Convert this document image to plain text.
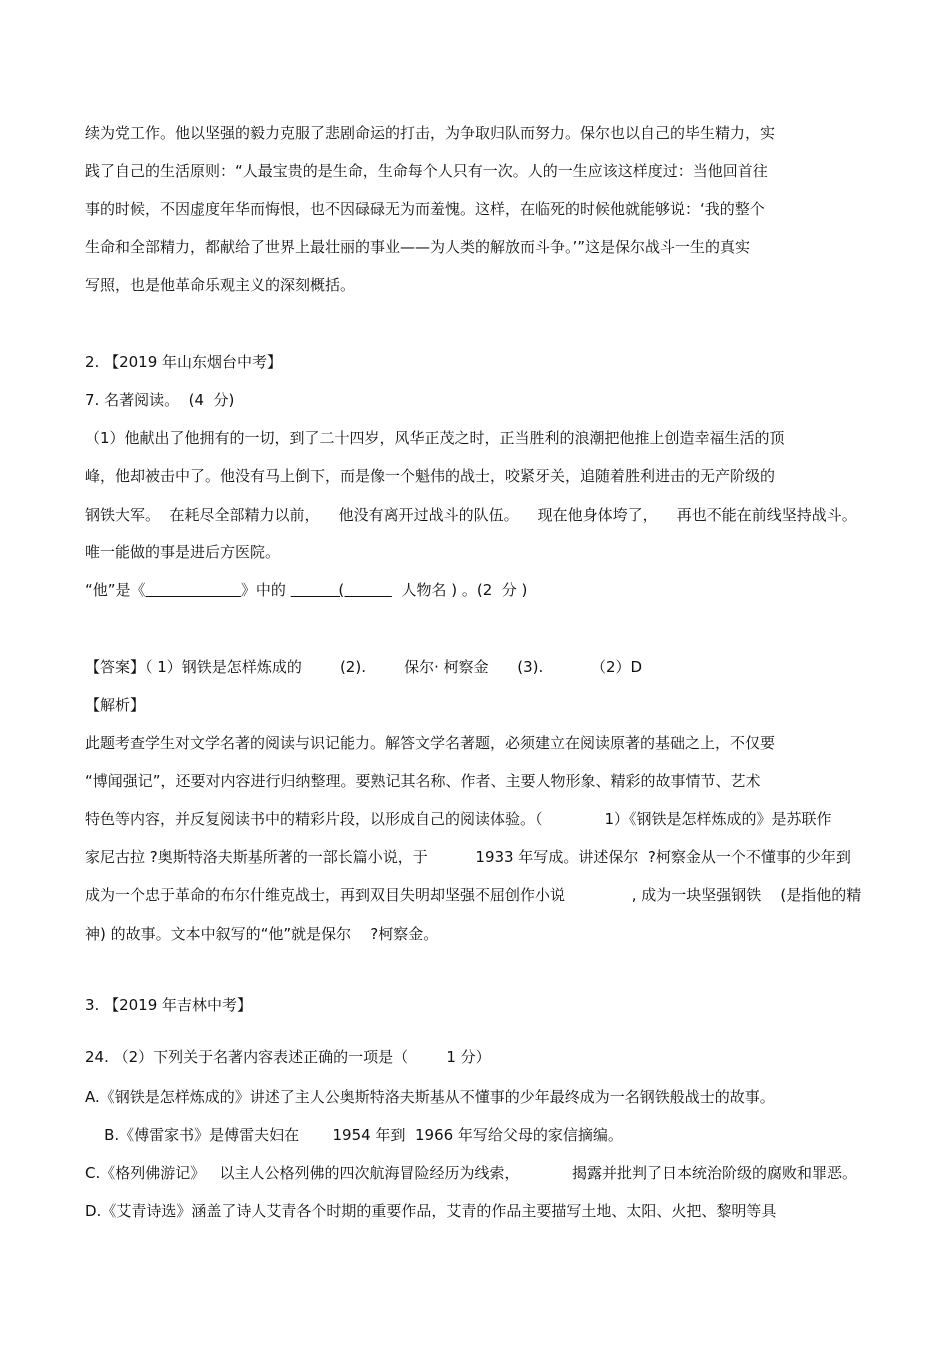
续为党工作。他以坚强的毅力克服了悲剧命运的打击，为争取归队而努力。保尔也以自己的毕生精力，实
践了自己的生活原则：“人最宝贵的是生命，生命每个人只有一次。人的一生应该这样度过：当他回首往
事的时候，不因虚度年华而悔恨，也不因碌碌无为而羞愧。这样，在临死的时候他就能够说：‘我的整个
生命和全部精力，都献给了世界上最壮丽的事业——为人类的解放而斗争。’”这是保尔战斗一生的真实
写照，也是他革命乐观主义的深刻概括。
2. 【2019 年山东烟台中考】
7. 名著阅读。  (4  分)
（1）他献出了他拥有的一切，到了二十四岁，风华正茂之时，正当胜利的浪潮把他推上创造幸福生活的顶
峰，他却被击中了。他没有马上倒下，而是像一个魁伟的战士，咬紧牙关，追随着胜利进击的无产阶级的
钢铁大军。  在耗尽全部精力以前，    他没有离开过战斗的队伍。    现在他身体垮了，    再也不能在前线坚持战斗。
唯一能做的事是进后方医院。
“他”是《	》中的           (            人物名 ) 。(2  分 )
【答案】（ 1）钢铁是怎样炼成的        (2).        保尔· 柯察金      (3).          （2）D
【解析】
此题考查学生对文学名著的阅读与识记能力。解答文学名著题，必须建立在阅读原著的基础之上，不仅要
“博闻强记”，还要对内容进行归纳整理。要熟记其名称、作者、主要人物形象、精彩的故事情节、艺术
特色等内容，并反复阅读书中的精彩片段，以形成自己的阅读体验。（             1）《钢铁是怎样炼成的》是苏联作
家尼古拉 ?奥斯特洛夫斯基所著的一部长篇小说，于          1933 年写成。讲述保尔  ?柯察金从一个不懂事的少年到
成为一个忠于革命的布尔什维克战士，再到双目失明却坚强不屈创作小说              , 成为一块坚强钢铁    (是指他的精
神) 的故事。文本中叙写的“他”就是保尔    ?柯察金。
3. 【2019 年吉林中考】
24. （2）下列关于名著内容表述正确的一项是（        1 分）
A.《钢铁是怎样炼成的》讲述了主人公奥斯特洛夫斯基从不懂事的少年最终成为一名钢铁般战士的故事。
B.《傅雷家书》是傅雷夫妇在       1954 年到  1966 年写给父母的家信摘编。
C.《格列佛游记》   以主人公格列佛的四次航海冒险经历为线索，           揭露并批判了日本统治阶级的腐败和罪恶。
D.《艾青诗选》涵盖了诗人艾青各个时期的重要作品，艾青的作品主要描写土地、太阳、火把、黎明等具
